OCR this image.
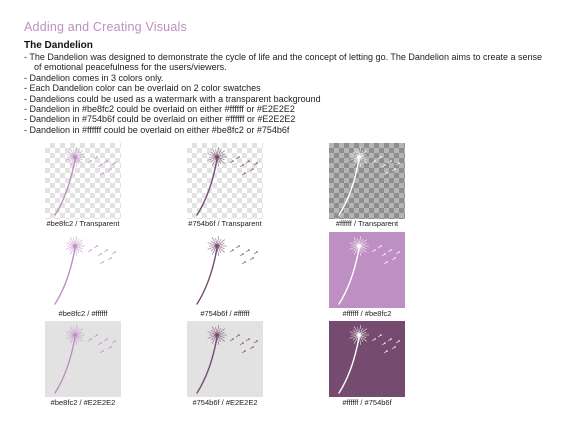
Adding and Creating Visuals
The Dandelion
- The Dandelion was designed to demonstrate the cycle of life and the concept of letting go. The Dandelion aims to create a sense of emotional peacefulness for the users/viewers.
- Dandelion comes in 3 colors only.
- Each Dandelion color can be overlaid on 2 color swatches
- Dandelions could be used as a watermark with a transparent background
- Dandelion in #be8fc2 could be overlaid on either #ffffff or #E2E2E2
- Dandelion in #754b6f could be overlaid on either #ffffff or #E2E2E2
- Dandelion in #ffffff could be overlaid on either #be8fc2 or #754b6f
#be8fc2 / Transparent	#754b6f / Transparent	#ffffff / Transparent
#be8fc2 / #ffffff	#754b6f / #ffffff	#ffffff / #be8fc2
#be8fc2 / #E2E2E2	#754b6f / #E2E2E2	#ffffff / #754b6f
